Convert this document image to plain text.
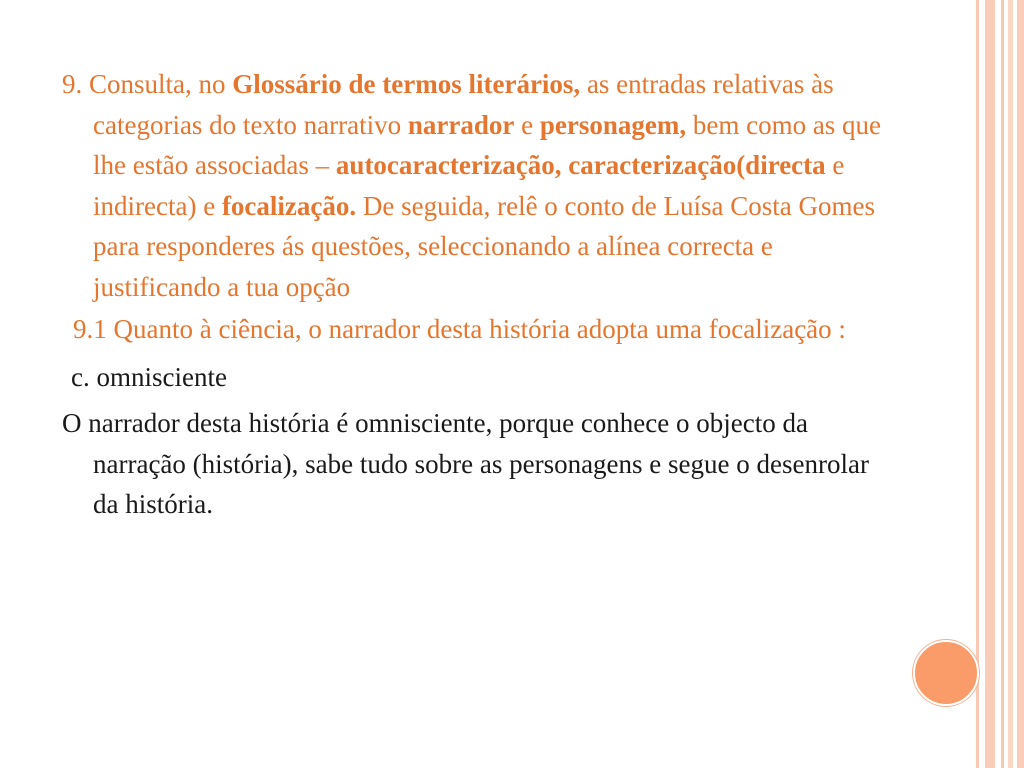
9. Consulta, no Glossário de termos literários, as entradas relativas às categorias do texto narrativo narrador e personagem, bem como as que lhe estão associadas – autocaracterização, caracterização(directa e indirecta) e focalização. De seguida, relê o conto de Luísa Costa Gomes para responderes ás questões, seleccionando a alínea correcta e justificando a tua opção

9.1 Quanto à ciência, o narrador desta história adopta uma focalização :

c. omnisciente

O narrador desta história é omnisciente, porque conhece o objecto da narração (história), sabe tudo sobre as personagens e segue o desenrolar da história.
